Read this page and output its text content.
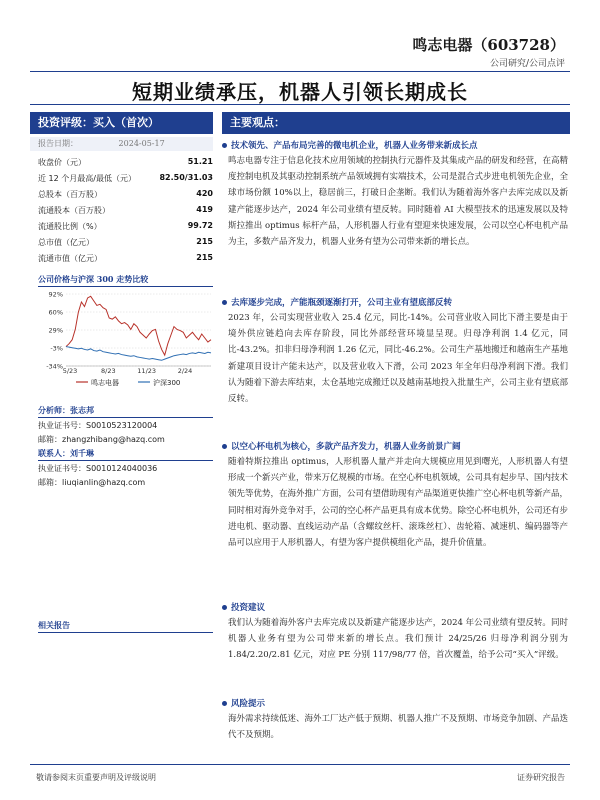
鸣志电器（603728）
公司研究/公司点评
短期业绩承压，机器人引领长期成长
投资评级：买入（首次）
报告日期：	2024-05-17
收盘价（元）	51.21
近 12 个月最高/最低（元）	82.50/31.03
总股本（百万股）	420
流通股本（百万股）	419
流通股比例（%）	99.72
总市值（亿元）	215
流通市值（亿元）	215
公司价格与沪深 300 走势比较
92%
60%
29%
-3%
-34%
5/23	8/23	11/23	2/24
鸣志电器	沪深300
分析师：张志邦
执业证书号：S0010523120004
邮箱：zhangzhibang@hazq.com
联系人：刘千琳
执业证书号：S0010124040036
邮箱：liuqianlin@hazq.com
相关报告
主要观点：
技术领先、产品布局完善的微电机企业，机器人业务带来新成长点
鸣志电器专注于信息化技术应用领域的控制执行元器件及其集成产品的研发和经营，在高精度控制电机及其驱动控制系统产品领域拥有实端技术，公司是混合式步进电机领先企业，全球市场份额 10%以上，稳居前三，打破日企垄断。我们认为随着海外客户去库完成以及新建产能逐步达产，2024 年公司业绩有望反转。同时随着 AI 大模型技术的迅速发展以及特斯拉推出 optimus 标杆产品，人形机器人行业有望迎来快速发展，公司以空心杯电机产品为主，多数产品齐发力，机器人业务有望为公司带来新的增长点。
去库逐步完成，产能瓶颈逐渐打开，公司主业有望底部反转
2023 年，公司实现营业收入 25.4 亿元，同比-14%。公司营业收入同比下滑主要是由于境外供应链趋向去库存阶段，同比外部经营环境显呈现。归母净利润 1.4 亿元，同比-43.2%。扣非归母净利润 1.26 亿元，同比-46.2%。公司生产基地搬迁和越南生产基地新建项目设计产能未达产，以及营业收入下滑，公司 2023 年全年归母净利润下滑。我们认为随着下游去库结束，太仓基地完成搬迁以及越南基地投入批量生产，公司主业有望底部反转。
以空心杯电机为核心，多款产品齐发力，机器人业务前景广阔
随着特斯拉推出 optimus，人形机器人量产并走向大规模应用见到曙光，人形机器人有望形成一个新兴产业，带来万亿规模的市场。在空心杯电机领域，公司具有起步早、国内技术领先等优势，在海外推广方面，公司有望借助现有产品渠道更快推广空心杯电机等新产品，同时相对海外竞争对手，公司的空心杯产品更具有成本优势。除空心杯电机外，公司还有步进电机、驱动器、直线运动产品（含螺纹丝杆、滚珠丝杠）、齿轮箱、减速机、编码器等产品可以应用于人形机器人，有望为客户提供模组化产品，提升价值量。
投资建议
我们认为随着海外客户去库完成以及新建产能逐步达产，2024 年公司业绩有望反转。同时机器人业务有望为公司带来新的增长点。我们预计 24/25/26 归母净利润分别为 1.84/2.20/2.81 亿元，对应 PE 分别 117/98/77 倍，首次覆盖，给予公司“买入”评级。
风险提示
海外需求持续低迷、海外工厂达产低于预期、机器人推广不及预期、市场竞争加剧、产品迭代不及预期。
敬请参阅末页重要声明及评级说明	证券研究报告
